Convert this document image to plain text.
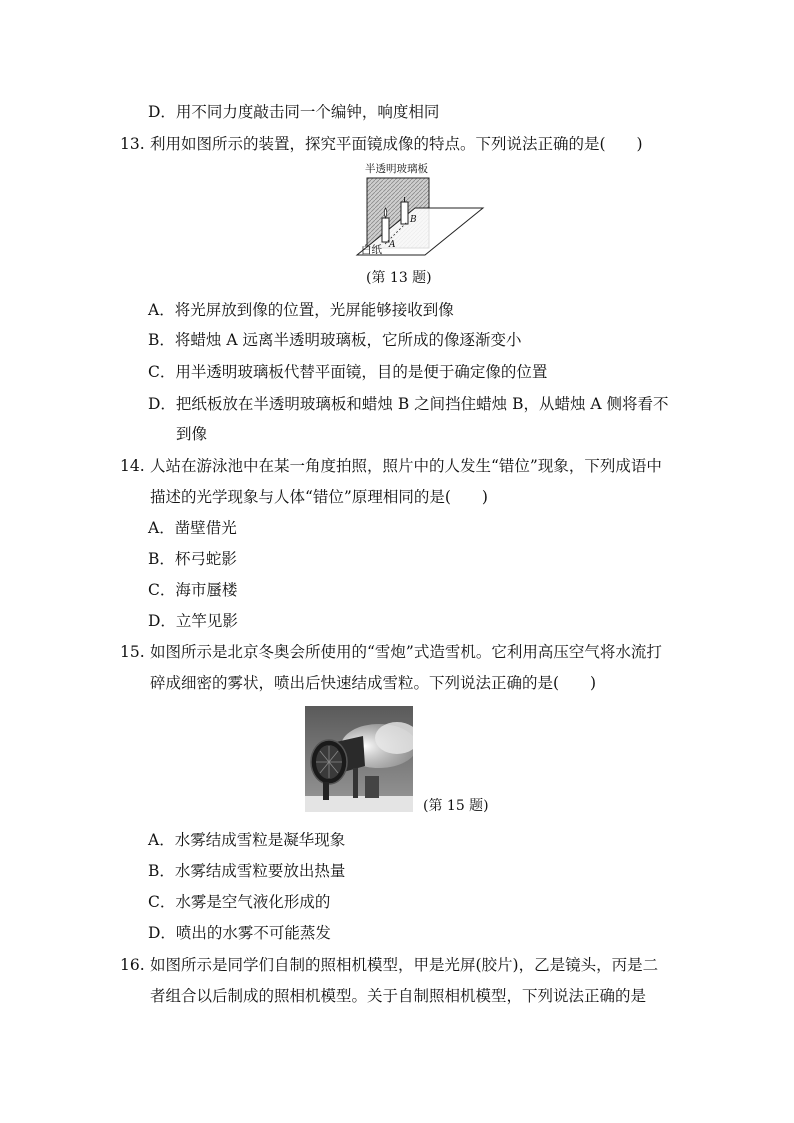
D．用不同力度敲击同一个编钟，响度相同
13. 利用如图所示的装置，探究平面镜成像的特点。下列说法正确的是(　　)
半透明玻璃板
白纸 A
B
(第 13 题)
A．将光屏放到像的位置，光屏能够接收到像
B．将蜡烛 A 远离半透明玻璃板，它所成的像逐渐变小
C．用半透明玻璃板代替平面镜，目的是便于确定像的位置
D．把纸板放在半透明玻璃板和蜡烛 B 之间挡住蜡烛 B，从蜡烛 A 侧将看不
到像
14. 人站在游泳池中在某一角度拍照，照片中的人发生“错位”现象，下列成语中
描述的光学现象与人体“错位”原理相同的是(　　)
A．凿壁借光
B．杯弓蛇影
C．海市蜃楼
D．立竿见影
15. 如图所示是北京冬奥会所使用的“雪炮”式造雪机。它利用高压空气将水流打
碎成细密的雾状，喷出后快速结成雪粒。下列说法正确的是(　　)
(第 15 题)
A．水雾结成雪粒是凝华现象
B．水雾结成雪粒要放出热量
C．水雾是空气液化形成的
D．喷出的水雾不可能蒸发
16. 如图所示是同学们自制的照相机模型，甲是光屏(胶片)，乙是镜头，丙是二
者组合以后制成的照相机模型。关于自制照相机模型，下列说法正确的是
